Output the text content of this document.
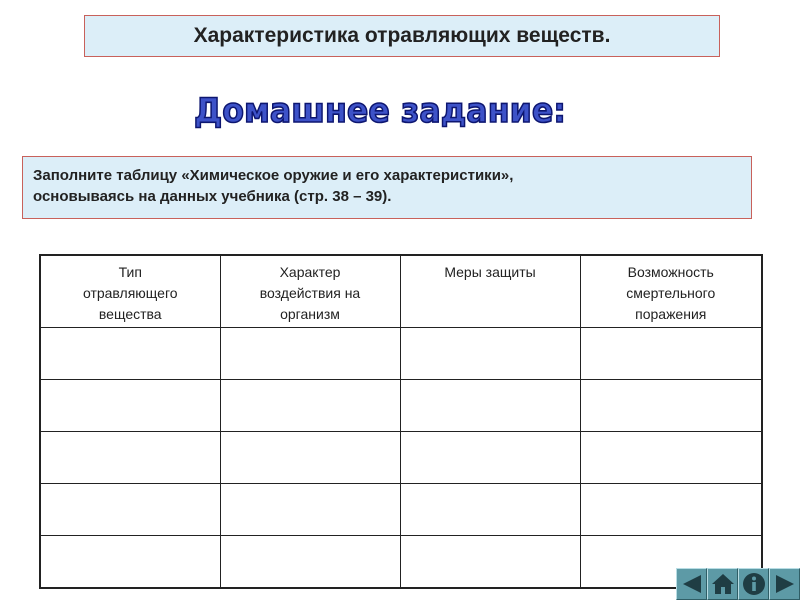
Характеристика отравляющих веществ.
Домашнее задание:
Заполните таблицу «Химическое оружие и его характеристики»,
основываясь на данных учебника (стр. 38 – 39).
Тип
отравляющего
вещества	Характер
воздействия на
организм	Меры защиты	Возможность
смертельного
поражения
